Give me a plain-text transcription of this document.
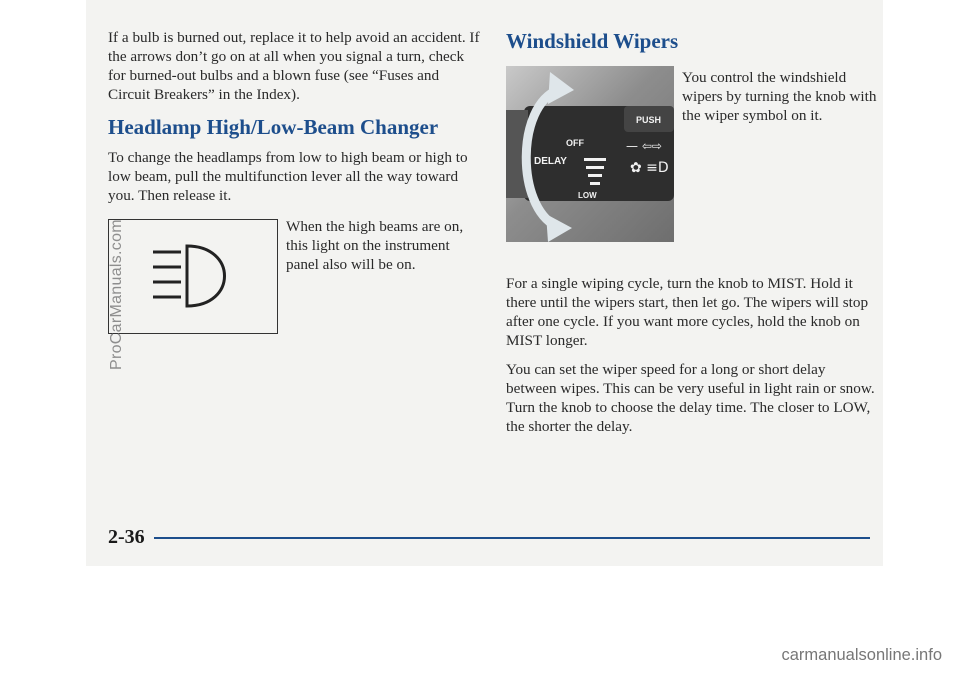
If a bulb is burned out, replace it to help avoid an accident. If the arrows don’t go on at all when you signal a turn, check for burned-out bulbs and a blown fuse (see “Fuses and Circuit Breakers” in the Index).

Headlamp High/Low-Beam Changer

To change the headlamps from low to high beam or high to low beam, pull the multifunction lever all the way toward you. Then release it.

When the high beams are on, this light on the instrument panel also will be on.

Windshield Wipers
PUSH
OFF
DELAY
LOW
— ⇦⇨
✿ ≡D

You control the windshield wipers by turning the knob with the wiper symbol on it.

For a single wiping cycle, turn the knob to MIST. Hold it there until the wipers start, then let go. The wipers will stop after one cycle. If you want more cycles, hold the knob on MIST longer.

You can set the wiper speed for a long or short delay between wipes. This can be very useful in light rain or snow. Turn the knob to choose the delay time. The closer to LOW, the shorter the delay.

2-36
ProCarManuals.com
carmanualsonline.info
